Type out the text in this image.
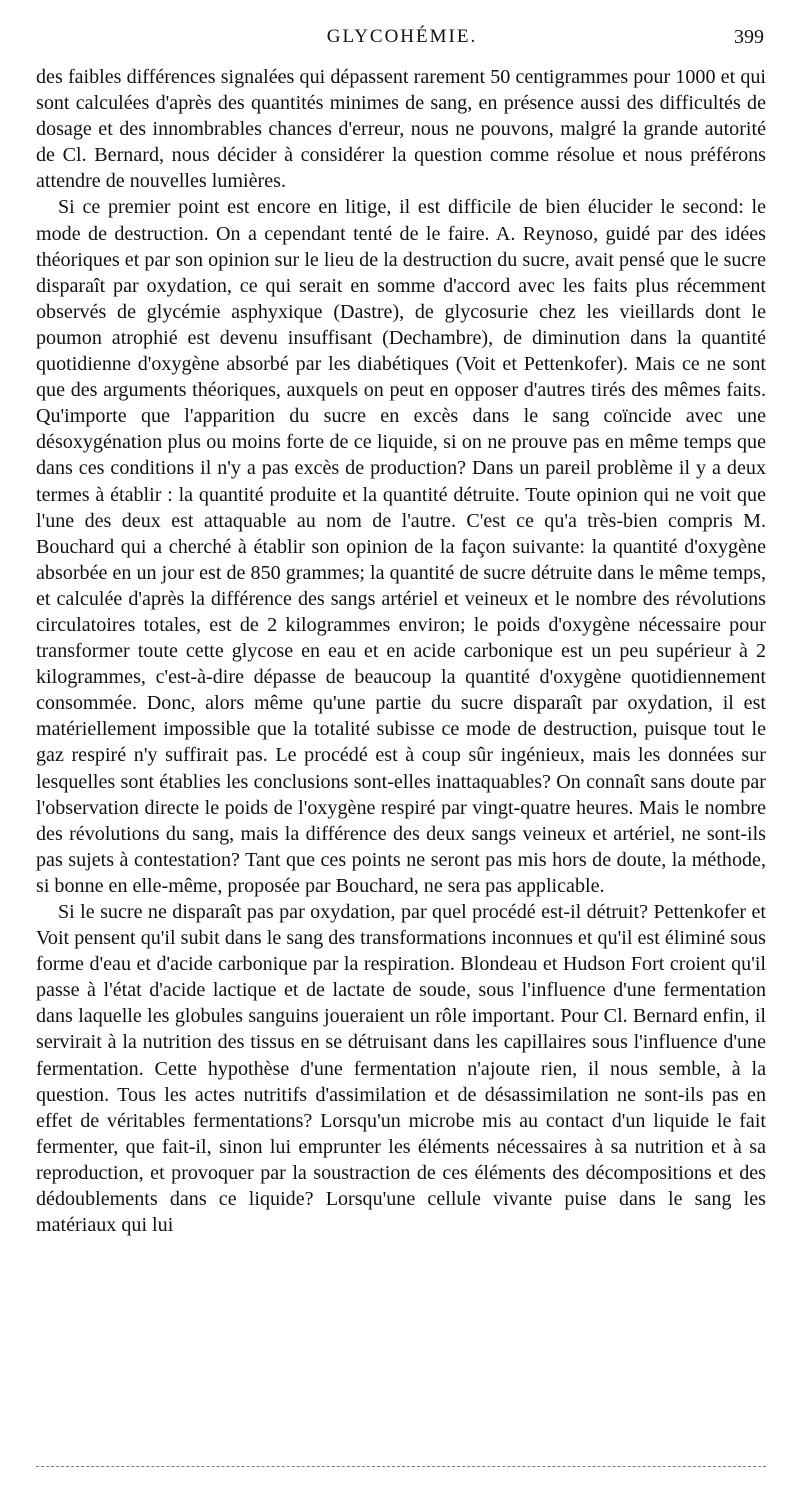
GLYCOHÉMIE.	399

des faibles différences signalées qui dépassent rarement 50 centigrammes pour 1000 et qui sont calculées d'après des quantités minimes de sang, en présence aussi des difficultés de dosage et des innombrables chances d'erreur, nous ne pouvons, malgré la grande autorité de Cl. Bernard, nous décider à considérer la question comme résolue et nous préférons attendre de nouvelles lumières.

Si ce premier point est encore en litige, il est difficile de bien élucider le second: le mode de destruction. On a cependant tenté de le faire. A. Reynoso, guidé par des idées théoriques et par son opinion sur le lieu de la destruction du sucre, avait pensé que le sucre disparaît par oxydation, ce qui serait en somme d'accord avec les faits plus récemment observés de glycémie asphyxique (Dastre), de glycosurie chez les vieillards dont le poumon atrophié est devenu insuffisant (Dechambre), de diminution dans la quantité quotidienne d'oxygène absorbé par les diabétiques (Voit et Pettenkofer). Mais ce ne sont que des arguments théoriques, auxquels on peut en opposer d'autres tirés des mêmes faits. Qu'importe que l'apparition du sucre en excès dans le sang coïncide avec une désoxygénation plus ou moins forte de ce liquide, si on ne prouve pas en même temps que dans ces conditions il n'y a pas excès de production? Dans un pareil problème il y a deux termes à établir : la quantité produite et la quantité détruite. Toute opinion qui ne voit que l'une des deux est attaquable au nom de l'autre. C'est ce qu'a très-bien compris M. Bouchard qui a cherché à établir son opinion de la façon suivante: la quantité d'oxygène absorbée en un jour est de 850 grammes; la quantité de sucre détruite dans le même temps, et calculée d'après la différence des sangs artériel et veineux et le nombre des révolutions circulatoires totales, est de 2 kilogrammes environ; le poids d'oxygène nécessaire pour transformer toute cette glycose en eau et en acide carbonique est un peu supérieur à 2 kilogrammes, c'est-à-dire dépasse de beaucoup la quantité d'oxygène quotidiennement consommée. Donc, alors même qu'une partie du sucre disparaît par oxydation, il est matériellement impossible que la totalité subisse ce mode de destruction, puisque tout le gaz respiré n'y suffirait pas. Le procédé est à coup sûr ingénieux, mais les données sur lesquelles sont établies les conclusions sont-elles inattaquables? On connaît sans doute par l'observation directe le poids de l'oxygène respiré par vingt-quatre heures. Mais le nombre des révolutions du sang, mais la différence des deux sangs veineux et artériel, ne sont-ils pas sujets à contestation? Tant que ces points ne seront pas mis hors de doute, la méthode, si bonne en elle-même, proposée par Bouchard, ne sera pas applicable.

Si le sucre ne disparaît pas par oxydation, par quel procédé est-il détruit? Pettenkofer et Voit pensent qu'il subit dans le sang des transformations inconnues et qu'il est éliminé sous forme d'eau et d'acide carbonique par la respiration. Blondeau et Hudson Fort croient qu'il passe à l'état d'acide lactique et de lactate de soude, sous l'influence d'une fermentation dans laquelle les globules sanguins joueraient un rôle important. Pour Cl. Bernard enfin, il servirait à la nutrition des tissus en se détruisant dans les capillaires sous l'influence d'une fermentation. Cette hypothèse d'une fermentation n'ajoute rien, il nous semble, à la question. Tous les actes nutritifs d'assimilation et de désassimilation ne sont-ils pas en effet de véritables fermentations? Lorsqu'un microbe mis au contact d'un liquide le fait fermenter, que fait-il, sinon lui emprunter les éléments nécessaires à sa nutrition et à sa reproduction, et provoquer par la soustraction de ces éléments des décompositions et des dédoublements dans ce liquide? Lorsqu'une cellule vivante puise dans le sang les matériaux qui lui
